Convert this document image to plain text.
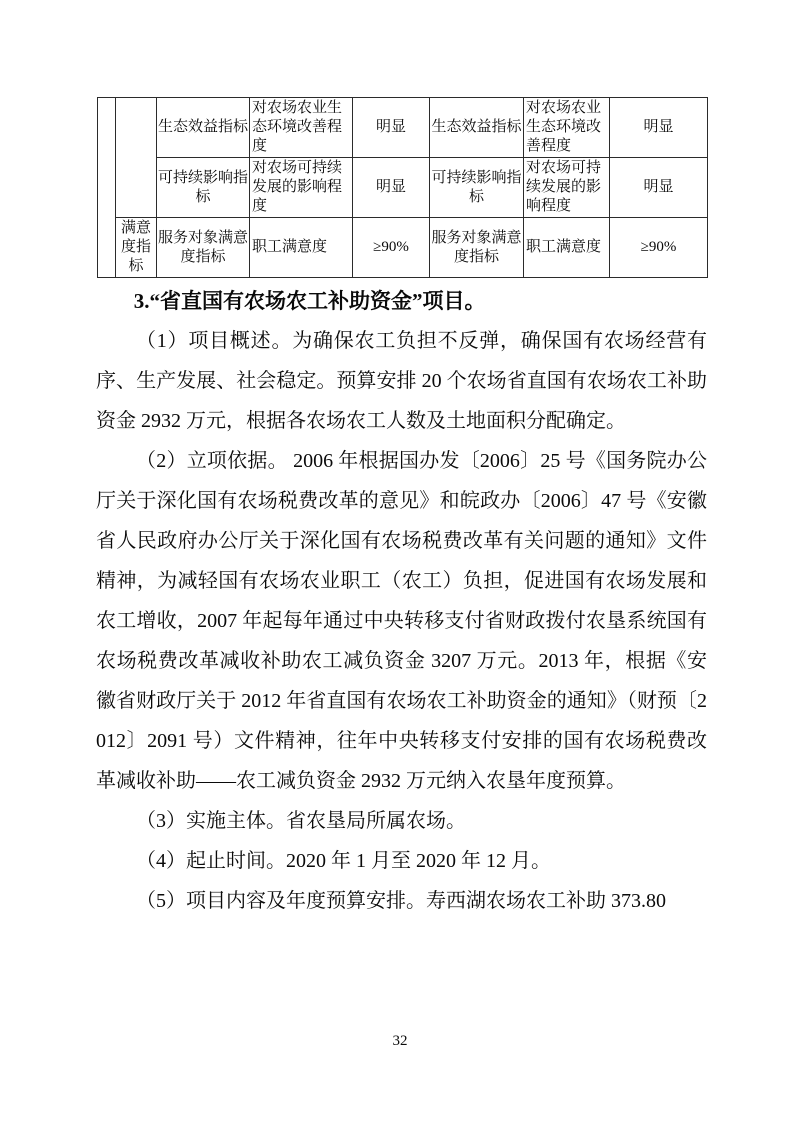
		生态效益指标	对农场农业生态环境改善程度	明显	生态效益指标	对农场农业生态环境改善程度	明显
		可持续影响指标	对农场可持续发展的影响程度	明显	可持续影响指标	对农场可持续发展的影响程度	明显
	满意度指标	服务对象满意度指标	职工满意度	≥90%	服务对象满意度指标	职工满意度	≥90%
3.“省直国有农场农工补助资金”项目。

（1）项目概述。为确保农工负担不反弹，确保国有农场经营有序、生产发展、社会稳定。预算安排 20 个农场省直国有农场农工补助资金 2932 万元，根据各农场农工人数及土地面积分配确定。

（2）立项依据。 2006 年根据国办发〔2006〕25 号《国务院办公厅关于深化国有农场税费改革的意见》和皖政办〔2006〕47 号《安徽省人民政府办公厅关于深化国有农场税费改革有关问题的通知》文件精神，为减轻国有农场农业职工（农工）负担，促进国有农场发展和农工增收，2007 年起每年通过中央转移支付省财政拨付农垦系统国有农场税费改革减收补助农工减负资金 3207 万元。2013 年，根据《安徽省财政厅关于 2012 年省直国有农场农工补助资金的通知》（财预〔2012〕2091 号）文件精神，往年中央转移支付安排的国有农场税费改革减收补助——农工减负资金 2932 万元纳入农垦年度预算。

（3）实施主体。省农垦局所属农场。

（4）起止时间。2020 年 1 月至 2020 年 12 月。

（5）项目内容及年度预算安排。寿西湖农场农工补助 373.80

32
